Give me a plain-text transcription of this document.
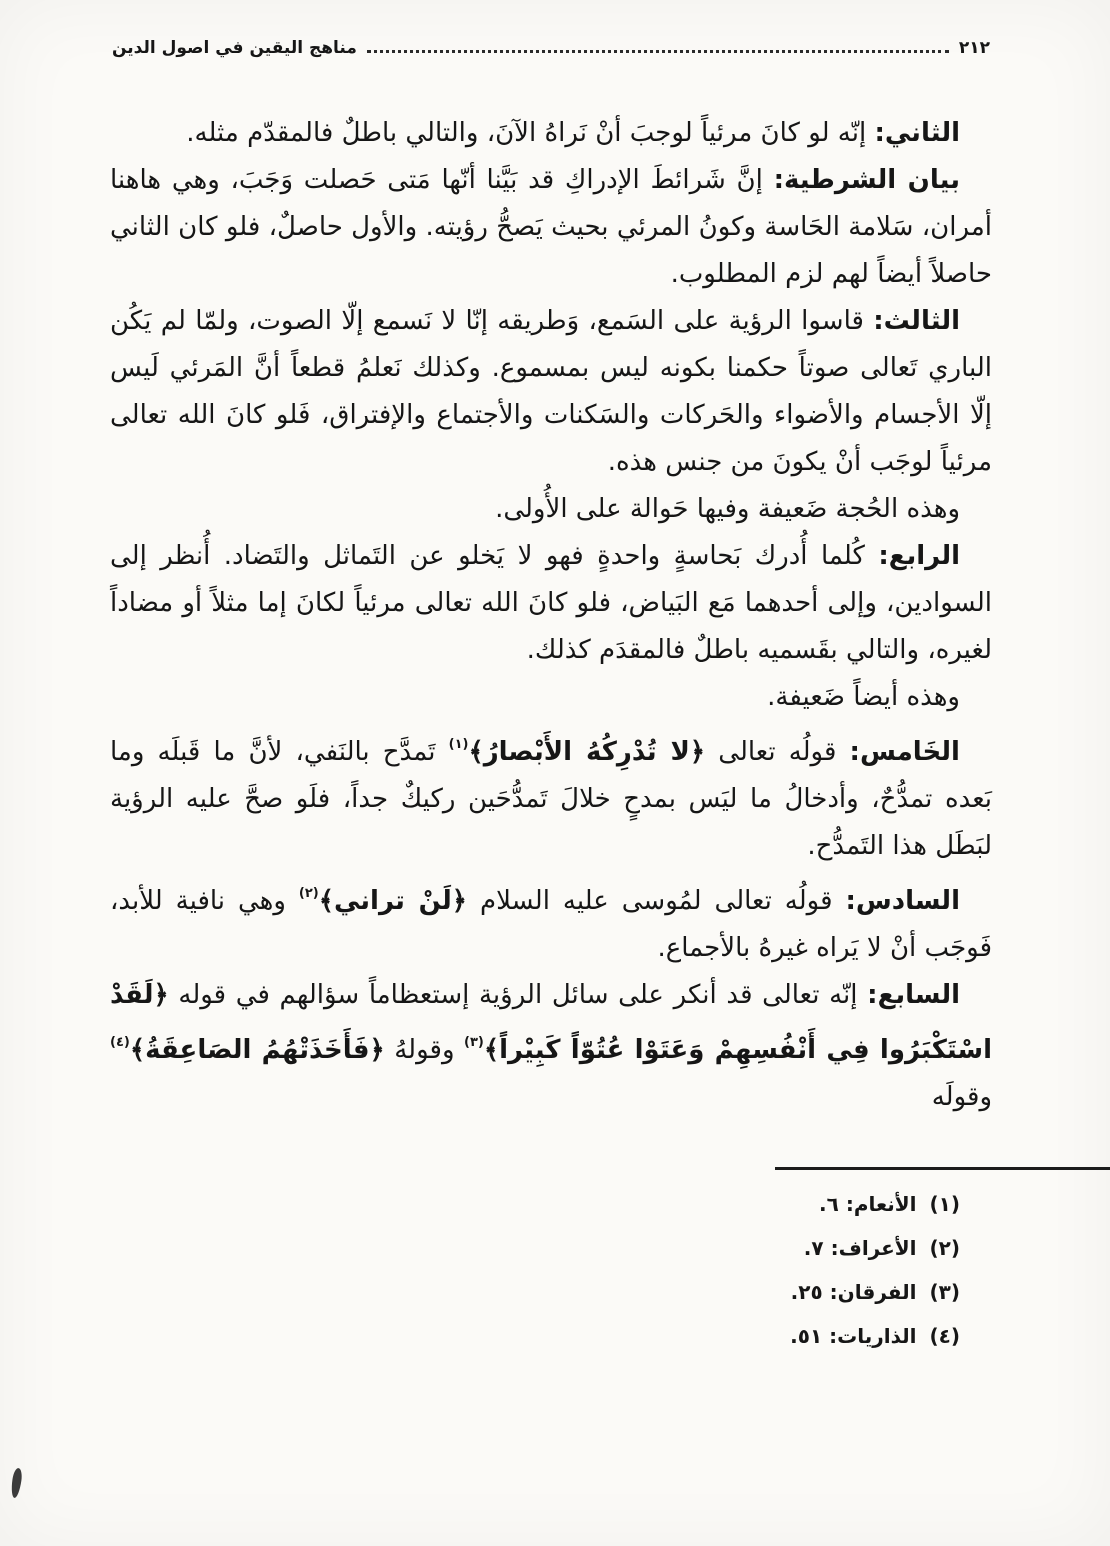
٢١٢
مناهج اليقين في اصول الدين

الثاني: إنّه لو كانَ مرئياً لوجبَ أنْ نَراهُ الآنَ، والتالي باطلٌ فالمقدّم مثله.

بيان الشرطية: إنَّ شَرائطَ الإدراكِ قد بَيَّنا أنّها مَتى حَصلت وَجَبَ، وهي هاهنا أمران، سَلامة الحَاسة وكونُ المرئي بحيث يَصحُّ رؤيته. والأول حاصلٌ، فلو كان الثاني حاصلاً أيضاً لهم لزم المطلوب.

الثالث: قاسوا الرؤية على السَمع، وَطريقه إنّا لا نَسمع إلّا الصوت، ولمّا لم يَكُن الباري تَعالى صوتاً حكمنا بكونه ليس بمسموع. وكذلك نَعلمُ قطعاً أنَّ المَرئي لَيس إلّا الأجسام والأضواء والحَركات والسَكنات والأجتماع والإفتراق، فَلو كانَ الله تعالى مرئياً لوجَب أنْ يكونَ من جنس هذه.

وهذه الحُجة ضَعيفة وفيها حَوالة على الأُولى.

الرابع: كُلما أُدرك بَحاسةٍ واحدةٍ فهو لا يَخلو عن التَماثل والتَضاد. أُنظر إلى السوادين، وإلى أحدهما مَع البَياض، فلو كانَ الله تعالى مرئياً لكانَ إما مثلاً أو مضاداً لغيره، والتالي بقَسميه باطلٌ فالمقدَم كذلك.

وهذه أيضاً ضَعيفة.

الخَامس: قولُه تعالى ﴿لا تُدْرِكُهُ الأَبْصارُ﴾$^{(١)}$ تَمدَّح بالنَفي، لأنَّ ما قَبلَه وما بَعده تمدُّحٌ، وأدخالُ ما ليَس بمدحٍ خلالَ تَمدُّحَين ركيكٌ جداً، فلَو صحَّ عليه الرؤية لبَطَل هذا التَمدُّح.

السادس: قولُه تعالى لمُوسى عليه السلام ﴿لَنْ تراني﴾$^{(٢)}$ وهي نافية للأبد، فَوجَب أنْ لا يَراه غيرهُ بالأجماع.

السابع: إنّه تعالى قد أنكر على سائل الرؤية إستعظاماً سؤالهم في قوله ﴿لَقَدْ اسْتَكْبَرُوا فِي أَنْفُسِهِمْ وَعَتَوْا عُتُوّاً كَبِيْراً﴾$^{(٣)}$ وقولهُ ﴿فَأَخَذَتْهُمُ الصَاعِقَةُ﴾$^{(٤)}$ وقولَه

(١) الأنعام: ٦.
(٢) الأعراف: ٧.
(٣) الفرقان: ٢٥.
(٤) الذاريات: ٥١.
